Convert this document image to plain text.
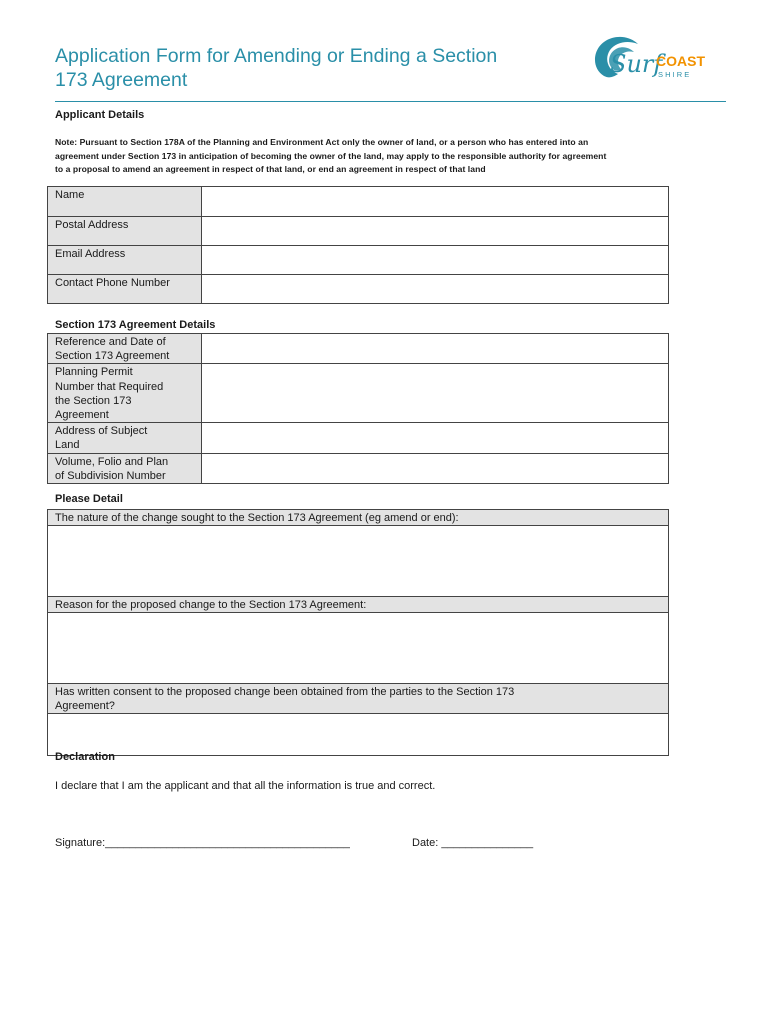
Application Form for Amending or Ending a Section
173 Agreement
Surf
COAST
S H I R E
Applicant Details
Note: Pursuant to Section 178A of the Planning and Environment Act only the owner of land, or a person who has entered into an
agreement under Section 173 in anticipation of becoming the owner of the land, may apply to the responsible authority for agreement
to a proposal to amend an agreement in respect of that land, or end an agreement in respect of that land
Name	
Postal Address	
Email Address	
Contact Phone Number	
Section 173 Agreement Details
Reference and Date of
Section 173 Agreement	

Planning Permit
Number that Required
the Section 173
Agreement	

Address of Subject
Land	

Volume, Folio and Plan
of Subdivision Number	

Please Detail
The nature of the change sought to the Section 173 Agreement (eg amend or end):
Reason for the proposed change to the Section 173 Agreement:
Has written consent to the proposed change been obtained from the parties to the Section 173
Agreement?
Declaration
I declare that I am the applicant and that all the information is true and correct.
Signature:________________________________________	Date: _______________
